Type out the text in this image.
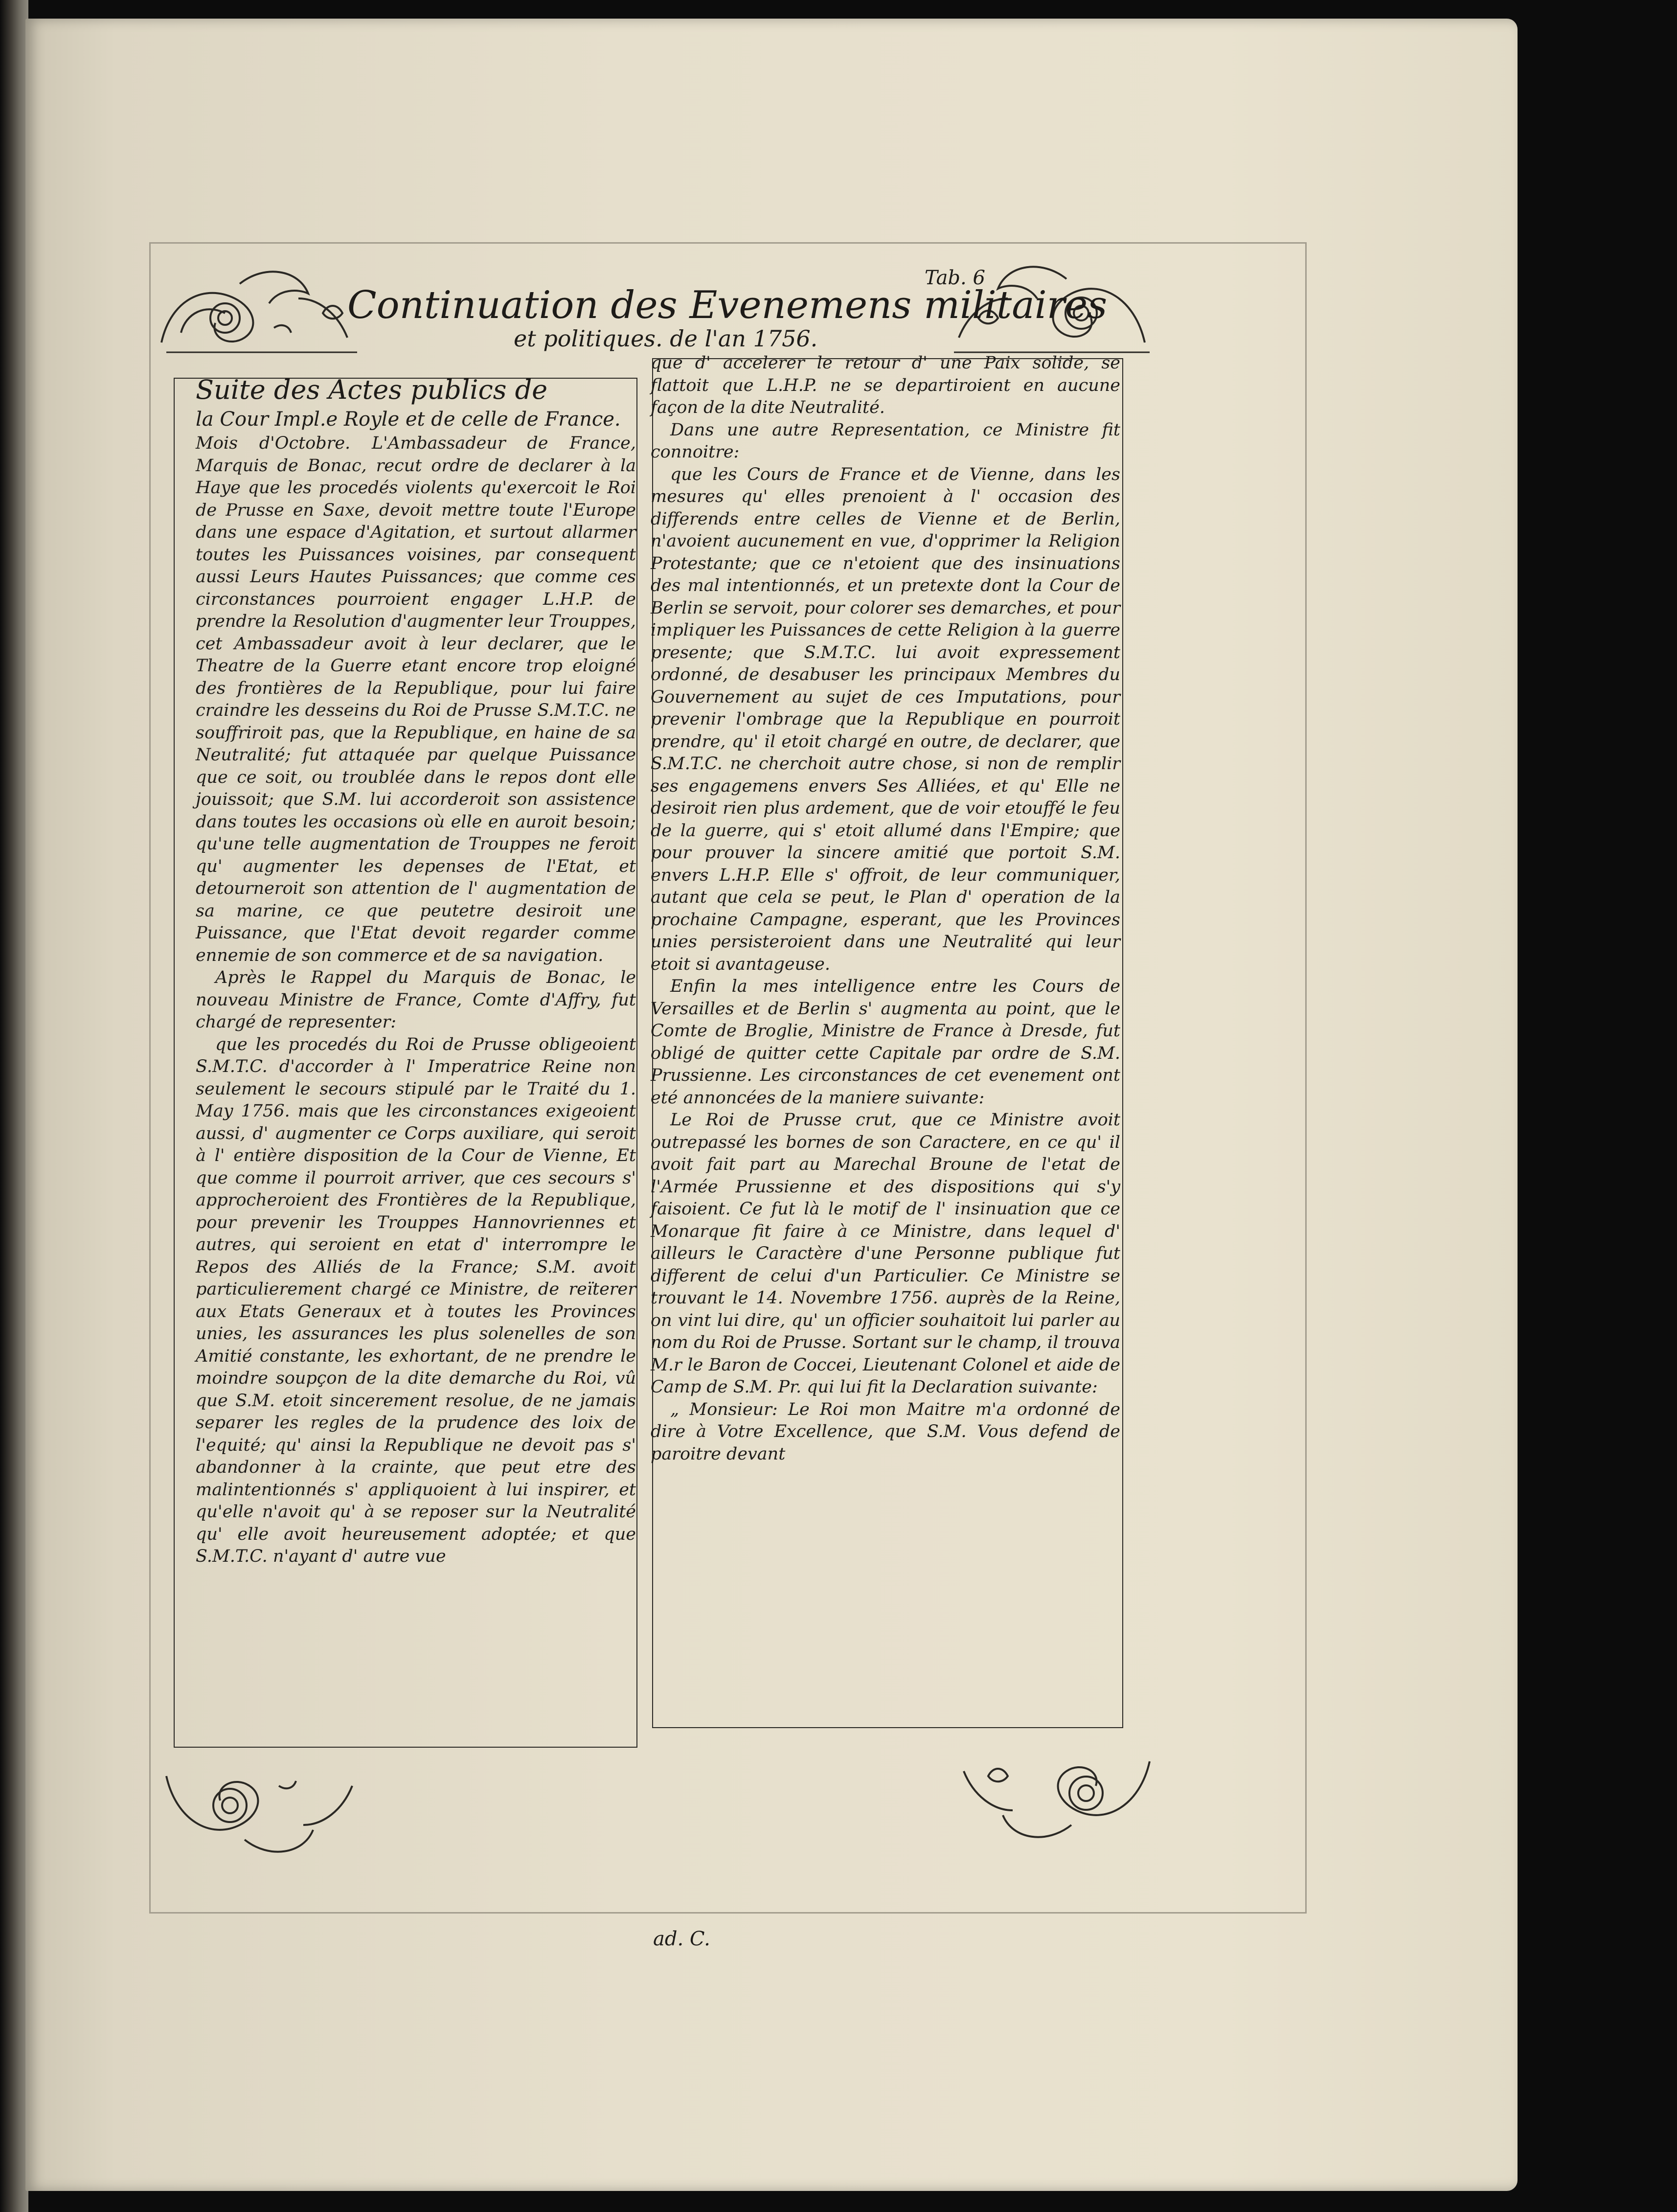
Tab. 6
Continuation des Evenemens militaires
et politiques. de l'an 1756.
Suite des Actes publics de
la Cour Impl.e Royle et de celle de France.

Mois d'Octobre. L'Ambassadeur de France, Marquis de Bonac, recut ordre de declarer à la Haye que les procedés violents qu'exercoit le Roi de Prusse en Saxe, devoit mettre toute l'Europe dans une espace d'Agitation, et surtout allarmer toutes les Puissances voisines, par consequent aussi Leurs Hautes Puissances; que comme ces circonstances pourroient engager L.H.P. de prendre la Resolution d'augmenter leur Trouppes, cet Ambassadeur avoit à leur declarer, que le Theatre de la Guerre etant encore trop eloigné des frontières de la Republique, pour lui faire craindre les desseins du Roi de Prusse S.M.T.C. ne souffriroit pas, que la Republique, en haine de sa Neutralité; fut attaquée par quelque Puissance que ce soit, ou troublée dans le repos dont elle jouissoit; que S.M. lui accorderoit son assistence dans toutes les occasions où elle en auroit besoin; qu'une telle augmentation de Trouppes ne feroit qu' augmenter les depenses de l'Etat, et detourneroit son attention de l' augmentation de sa marine, ce que peutetre desiroit une Puissance, que l'Etat devoit regarder comme ennemie de son commerce et de sa navigation.

Après le Rappel du Marquis de Bonac, le nouveau Ministre de France, Comte d'Affry, fut chargé de representer:

que les procedés du Roi de Prusse obligeoient S.M.T.C. d'accorder à l' Imperatrice Reine non seulement le secours stipulé par le Traité du 1. May 1756. mais que les circonstances exigeoient aussi, d' augmenter ce Corps auxiliare, qui seroit à l' entière disposition de la Cour de Vienne, Et que comme il pourroit arriver, que ces secours s' approcheroient des Frontières de la Republique, pour prevenir les Trouppes Hannovriennes et autres, qui seroient en etat d' interrompre le Repos des Alliés de la France; S.M. avoit particulierement chargé ce Ministre, de reïterer aux Etats Generaux et à toutes les Provinces unies, les assurances les plus solenelles de son Amitié constante, les exhortant, de ne prendre le moindre soupçon de la dite demarche du Roi, vû que S.M. etoit sincerement resolue, de ne jamais separer les regles de la prudence des loix de l'equité; qu' ainsi la Republique ne devoit pas s' abandonner à la crainte, que peut etre des malintentionnés s' appliquoient à lui inspirer, et qu'elle n'avoit qu' à se reposer sur la Neutralité qu' elle avoit heureusement adoptée; et que S.M.T.C. n'ayant d' autre vue

que d' accelerer le retour d' une Paix solide, se flattoit que L.H.P. ne se departiroient en aucune façon de la dite Neutralité.

Dans une autre Representation, ce Ministre fit connoitre:

que les Cours de France et de Vienne, dans les mesures qu' elles prenoient à l' occasion des differends entre celles de Vienne et de Berlin, n'avoient aucunement en vue, d'opprimer la Religion Protestante; que ce n'etoient que des insinuations des mal intentionnés, et un pretexte dont la Cour de Berlin se servoit, pour colorer ses demarches, et pour impliquer les Puissances de cette Religion à la guerre presente; que S.M.T.C. lui avoit expressement ordonné, de desabuser les principaux Membres du Gouvernement au sujet de ces Imputations, pour prevenir l'ombrage que la Republique en pourroit prendre, qu' il etoit chargé en outre, de declarer, que S.M.T.C. ne cherchoit autre chose, si non de remplir ses engagemens envers Ses Alliées, et qu' Elle ne desiroit rien plus ardement, que de voir etouffé le feu de la guerre, qui s' etoit allumé dans l'Empire; que pour prouver la sincere amitié que portoit S.M. envers L.H.P. Elle s' offroit, de leur communiquer, autant que cela se peut, le Plan d' operation de la prochaine Campagne, esperant, que les Provinces unies persisteroient dans une Neutralité qui leur etoit si avantageuse.

Enfin la mes intelligence entre les Cours de Versailles et de Berlin s' augmenta au point, que le Comte de Broglie, Ministre de France à Dresde, fut obligé de quitter cette Capitale par ordre de S.M. Prussienne. Les circonstances de cet evenement ont eté annoncées de la maniere suivante:

Le Roi de Prusse crut, que ce Ministre avoit outrepassé les bornes de son Caractere, en ce qu' il avoit fait part au Marechal Broune de l'etat de l'Armée Prussienne et des dispositions qui s'y faisoient. Ce fut là le motif de l' insinuation que ce Monarque fit faire à ce Ministre, dans lequel d' ailleurs le Caractère d'une Personne publique fut different de celui d'un Particulier. Ce Ministre se trouvant le 14. Novembre 1756. auprès de la Reine, on vint lui dire, qu' un officier souhaitoit lui parler au nom du Roi de Prusse. Sortant sur le champ, il trouva M.r le Baron de Coccei, Lieutenant Colonel et aide de Camp de S.M. Pr. qui lui fit la Declaration suivante:

„ Monsieur: Le Roi mon Maitre m'a ordonné de dire à Votre Excellence, que S.M. Vous defend de paroitre devant

ad. C.
